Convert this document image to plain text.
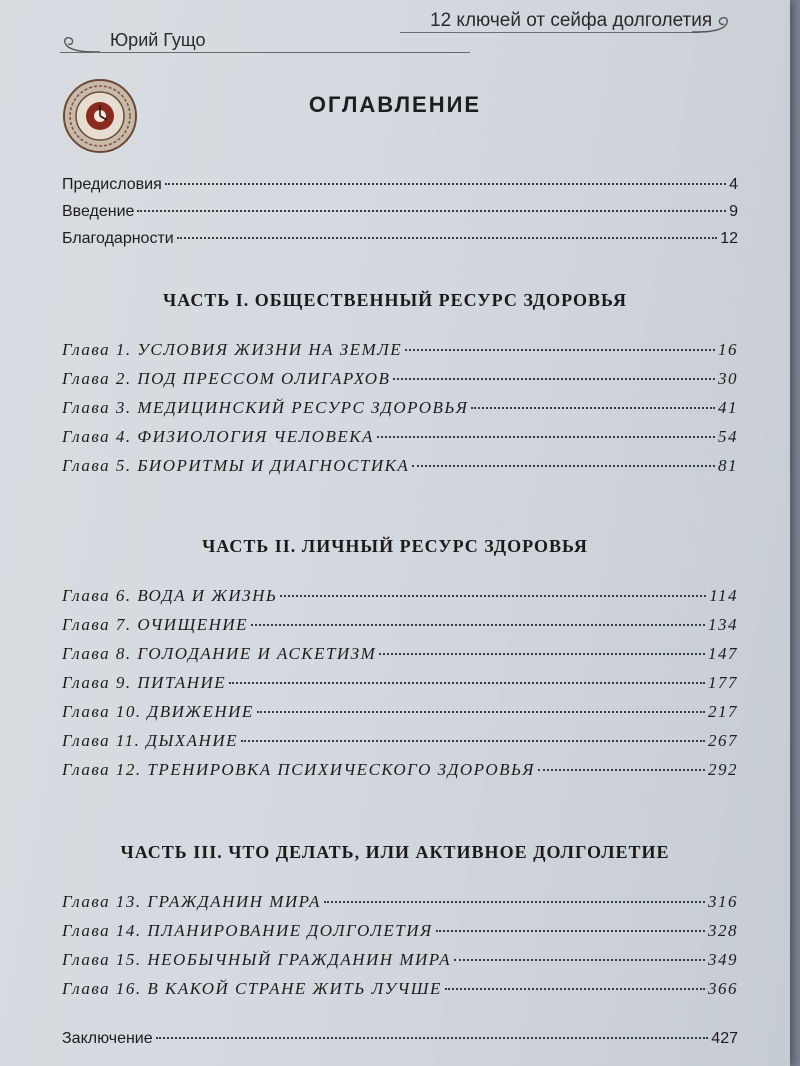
Юрий Гущо
12 ключей от сейфа долголетия
ОГЛАВЛЕНИЕ
Предисловия	4
Введение	9
Благодарности	12
ЧАСТЬ I. ОБЩЕСТВЕННЫЙ РЕСУРС ЗДОРОВЬЯ
Глава 1. УСЛОВИЯ ЖИЗНИ НА ЗЕМЛЕ	16
Глава 2. ПОД ПРЕССОМ ОЛИГАРХОВ	30
Глава 3. МЕДИЦИНСКИЙ РЕСУРС ЗДОРОВЬЯ	41
Глава 4. ФИЗИОЛОГИЯ ЧЕЛОВЕКА	54
Глава 5. БИОРИТМЫ И ДИАГНОСТИКА	81
ЧАСТЬ II. ЛИЧНЫЙ РЕСУРС ЗДОРОВЬЯ
Глава 6. ВОДА И ЖИЗНЬ	114
Глава 7. ОЧИЩЕНИЕ	134
Глава 8. ГОЛОДАНИЕ И АСКЕТИЗМ	147
Глава 9. ПИТАНИЕ	177
Глава 10. ДВИЖЕНИЕ	217
Глава 11. ДЫХАНИЕ	267
Глава 12. ТРЕНИРОВКА ПСИХИЧЕСКОГО ЗДОРОВЬЯ	292
ЧАСТЬ III. ЧТО ДЕЛАТЬ, ИЛИ АКТИВНОЕ ДОЛГОЛЕТИЕ
Глава 13. ГРАЖДАНИН МИРА	316
Глава 14. ПЛАНИРОВАНИЕ ДОЛГОЛЕТИЯ	328
Глава 15. НЕОБЫЧНЫЙ ГРАЖДАНИН МИРА	349
Глава 16. В КАКОЙ СТРАНЕ ЖИТЬ ЛУЧШЕ	366
Заключение	427
